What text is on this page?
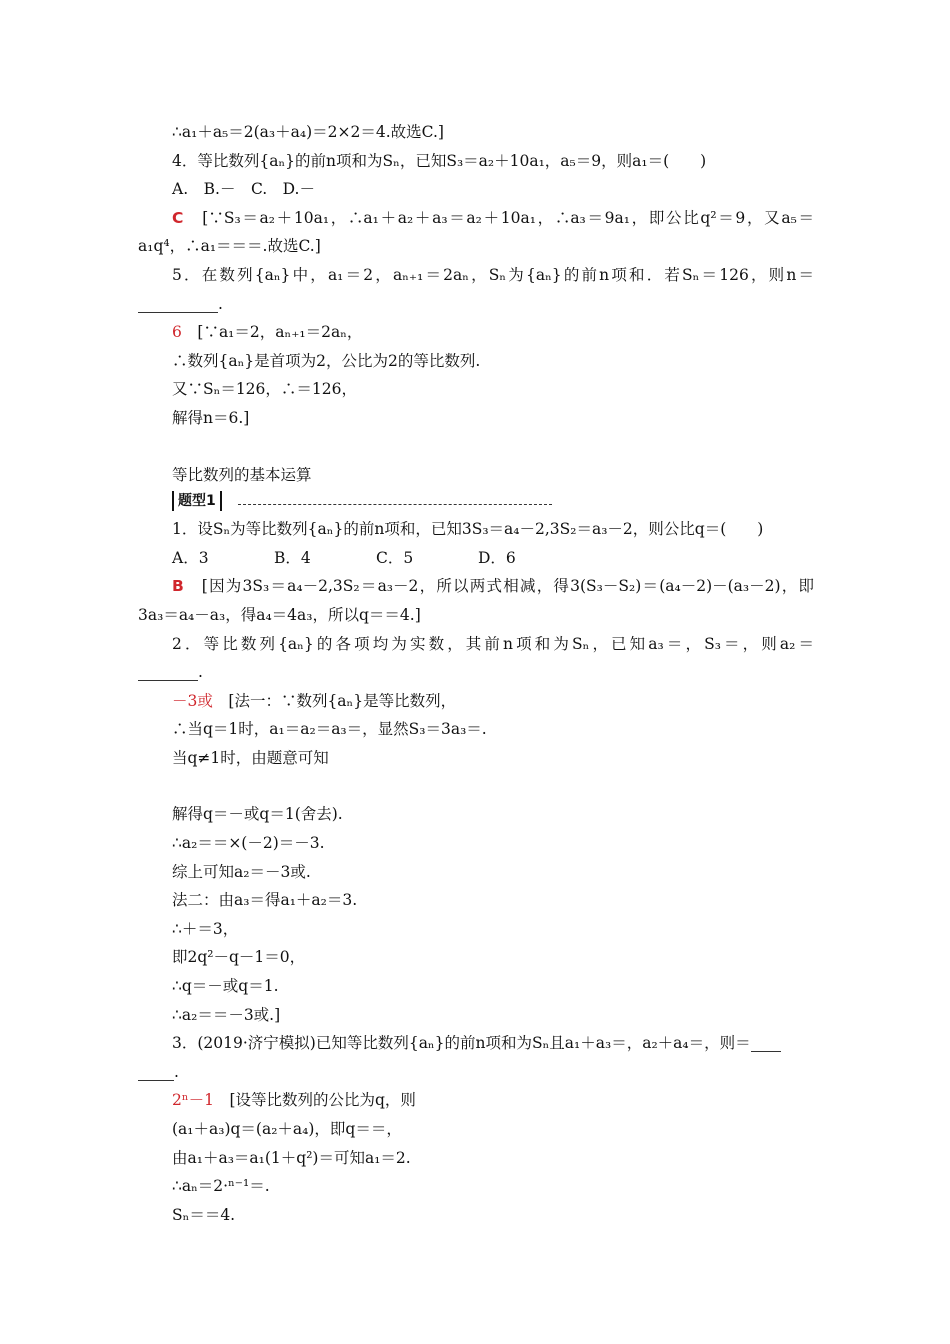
∴a₁＋a₅＝2(a₃＋a₄)＝2×2＝4.故选C.]
4．等比数列{aₙ}的前n项和为Sₙ，已知S₃＝a₂＋10a₁，a₅＝9，则a₁＝(　　)
A.　B.－　C.　D.－
C　 [∵S₃＝a₂＋10a₁，∴a₁＋a₂＋a₃＝a₂＋10a₁，∴a₃＝9a₁，即公比q²＝9，又a₅＝
a₁q⁴，∴a₁＝＝＝.故选C.]
5．在数列{aₙ}中，a₁＝2，aₙ₊₁＝2aₙ，Sₙ为{aₙ}的前n项和．若Sₙ＝126，则n＝
.
6　 [∵a₁＝2，aₙ₊₁＝2aₙ，
∴数列{aₙ}是首项为2，公比为2的等比数列.
又∵Sₙ＝126，∴＝126，
解得n＝6.]
等比数列的基本运算
题型1
1．设Sₙ为等比数列{aₙ}的前n项和，已知3S₃＝a₄－2,3S₂＝a₃－2，则公比q＝(　　)
A．3	B．4	C．5	D．6
B　 [因为3S₃＝a₄－2,3S₂＝a₃－2，所以两式相减，得3(S₃－S₂)＝(a₄－2)－(a₃－2)，即
3a₃＝a₄－a₃，得a₄＝4a₃，所以q＝＝4.]
2．等比数列{aₙ}的各项均为实数，其前n项和为Sₙ，已知a₃＝，S₃＝，则a₂＝
.
－3或　 [法一：∵数列{aₙ}是等比数列，
∴当q＝1时，a₁＝a₂＝a₃＝，显然S₃＝3a₃＝.
当q≠1时，由题意可知
解得q＝－或q＝1(舍去).
∴a₂＝＝×(－2)＝－3.
综上可知a₂＝－3或.
法二：由a₃＝得a₁＋a₂＝3.
∴＋＝3，
即2q²－q－1＝0，
∴q＝－或q＝1.
∴a₂＝＝－3或.]
3．(2019·济宁模拟)已知等比数列{aₙ}的前n项和为Sₙ且a₁＋a₃＝，a₂＋a₄＝，则＝
.
2ⁿ－1　 [设等比数列的公比为q，则
(a₁＋a₃)q＝(a₂＋a₄)，即q＝＝，
由a₁＋a₃＝a₁(1＋q²)＝可知a₁＝2.
∴aₙ＝2·ⁿ⁻¹＝.
Sₙ＝＝4.
